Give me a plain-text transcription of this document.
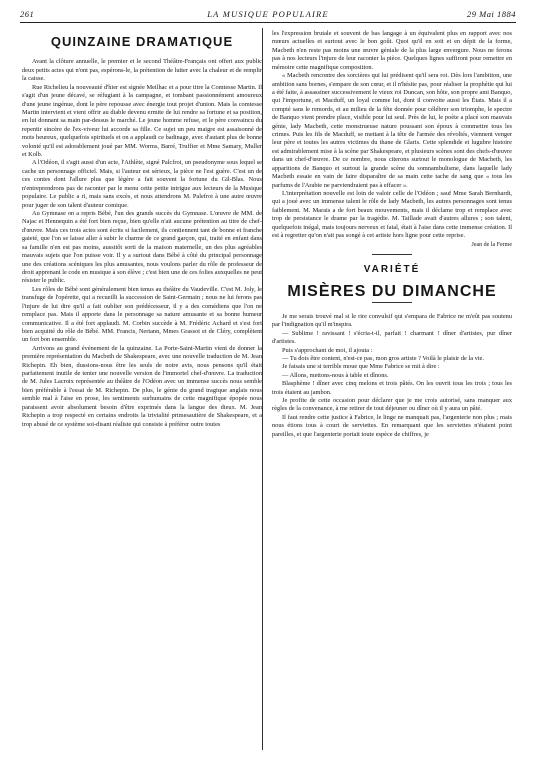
261	LA MUSIQUE POPULAIRE	29 Mai 1884
QUINZAINE DRAMATIQUE

Avant la clôture annuelle, le premier et le second Théâtre-Français ont offert aux public deux petits actes qui n'ont pas, espérons-le, la prétention de lutter avec la chaleur et de remplir la caisse.

Rue Richelieu la nouveauté d'hier est signée Meilhac et a pour titre la Comtesse Martin. Il s'agit d'un jeune décavé, se réfugiant à la campagne, et tombant passionnément amoureux d'une jeune ingénue, dont le père repousse avec énergie tout projet d'union. Mais la comtesse Martin intervient et vient offrir au diable devenu ermite de lui rendre sa fortune et sa position, en lui donnant sa main par-dessus le marché. Le jeune homme refuse, et le père convaincu du repentir sincère de l'ex-viveur lui accorde sa fille. Ce sujet un peu maigre est assaisonné de mots heureux, quelquefois spirituels et on a applaudi ce badinage, avec d'autant plus de bonne volonté qu'il est adorablement joué par MM. Worms, Barré, Truffier et Mme Samary, Muller et Kolb.

A l'Odéon, il s'agit aussi d'un acte, l'Athlète, signé Palcfroi, un pseudonyme sous lequel se cache un personnage officiel. Mais, si l'auteur est sérieux, la pièce ne l'est guère. C'est un de ces contes dont l'allure plus que légère a fait souvent la fortune du Gil-Blas. Nous n'entreprendrons pas de raconter par le menu cette petite intrigue aux lecteurs de la Musique populaire. Le public a ri, mais sans excès, et nous attendrons M. Palefroi à une autre œuvre pour juger de son talent d'auteur comique.

Au Gymnase on a repris Bébé, l'un des grands succès du Gymnase. L'œuvre de MM. de Najac et Hennequin a été fort bien reçue, bien qu'elle n'ait aucune prétention au titre de chef-d'œuvre. Mais ces trois actes sont écrits si facilement, ils contiennent tant de bonne et franche gaieté, que l'on se laisse aller à subir le charme de ce grand garçon, qui, traité en enfant dans sa famille n'en est pas moins, aussitôt sorti de la maison maternelle, un des plus agréables mauvais sujets que l'on puisse voir. Il y a surtout dans Bébé à côté du principal personnage une des créations scéniques les plus amusantes, nous voulons parler du rôle de professeur de droit apprenant le code en musique à son élève ; c'est bien une de ces folies auxquelles ne peut résister le public.

Les rôles de Bébé sont généralement bien tenus au théâtre du Vaudeville. C'est M. Joly, le transfuge de l'opérette, qui a recueilli la succession de Saint-Germain ; nous ne lui ferons pas l'injure de lui dire qu'il a fait oublier son prédécesseur, il y a des comédiens que l'on ne remplace pas. Mais il apporte dans le personnage sa nature amusante et sa bonne humeur communicative. Il a été fort applaudi. M. Corbin succède à M. Frédéric Achard et s'est fort bien acquitté du rôle de Bébé. MM. Francis, Nertann, Mmes Grassot et de Cléry, complètent un fort bon ensemble.

Arrivons au grand événement de la quinzaine. La Porte-Saint-Martin vient de donner la première représentation du Macbeth de Shakespeare, avec une nouvelle traduction de M. Jean Richepin. Eh bien, dussions-nous être les seuls de notre avis, nous pensons qu'il était parfaitement inutile de tenter une nouvelle version de l'immortel chef-d'œuvre. La traduction de M. Jules Lacroix représentée au théâtre de l'Odéon avec un immense succès nous semble bien préférable à l'essai de M. Richepin. De plus, le génie du grand tragique anglais nous semble mal à l'aise en prose, les sentiments surhumains de cette magnifique épopée nous paraissent avoir absolument besoin d'être exprimés dans la langue des dieux. M. Jean Richepin a trop respecté en certains endroits la trivialité primesautière de Shakespeare, et a trop abusé de ce système soi-disant réaliste qui consiste à préférer outre toutes

les l'expression brutale et souvent de bas langage à un équivalent plus en rapport avec nos mœurs actuelles et surtout avec le bon goût. Quoi qu'il en soit et en dépit de la forme, Macbeth n'en reste pas moins une œuvre géniale de la plus large envergure. Nous ne ferons pas à nos lecteurs l'injure de leur raconter la pièce. Quelques lignes suffiront pour remettre en mémoire cette magnifique composition.

« Macbeth rencontre des sorcières qui lui prédisent qu'il sera roi. Dès lors l'ambition, une ambition sans bornes, s'empare de son cœur, et il n'hésite pas, pour réaliser la prophétie qui lui a été faite, à assassiner successivement le vieux roi Duncan, son hôte, son propre ami Banquo, qui l'importune, et Macduff, un loyal comme lui, dont il convoite aussi les États. Mais il a compté sans le remords, et au milieu de la fête donnée pour célébrer son triomphe, le spectre de Banquo vient prendre place, visible pour lui seul. Près de lui, le poète a placé son mauvais génie, lady Macbeth, cette monstrueuse nature poussant son époux à commettre tous les crimes. Puis les fils de Macduff, se mettant à la tête de l'armée des révoltés, viennent venger leur père et toutes les autres victimes du thane de Glaris. Cette splendide et lugubre histoire est admirablement mise à la scène par Shakespeare, et plusieurs scènes sont des chefs-d'œuvre dans un chef-d'œuvre. De ce nombre, nous citerons surtout le monologue de Macbeth, les apparitions de Banquo et surtout la grande scène du somnambulisme, dans laquelle lady Macbeth essaie en vain de faire disparaître de sa main cette tache de sang que « tous les parfums de l'Arabie ne parviendraient pas à effacer ».

L'interprétation nouvelle est loin de valoir celle de l'Odéon ; sauf Mme Sarah Bernhardt, qui a joué avec un immense talent le rôle de lady Macbeth, les autres personnages sont tenus faiblement. M. Marais a de fort beaux mouvements, mais il déclame trop et remplace avec trop de persistance le drame par la tragédie. M. Taillade avait d'autres allures ; son talent, quelquefois inégal, mais toujours nerveux et fatal, était à l'aise dans cette immense création. Il est à regretter qu'on n'ait pas songé à cet artiste hors ligne pour cette reprise.

Jean de la Ferme
VARIÉTÉ
MISÈRES DU DIMANCHE

Je me serais trouvé mal si le rire convulsif qui s'empara de Fabrice ne m'eût pas soutenu par l'indignation qu'il m'inspira.

— Sublime ! ravissant ! s'écria-t-il, parfait ! charmant ! dîner d'artistes, pur dîner d'artistes.

Puis s'approchant de moi, il ajouta :

— Tu dois être content, n'est-ce pas, mon gros artiste ? Voilà le plaisir de la vie.

Je faisais une si terrible moue que Mme Fabrice se mit à dire :

— Allons, mettons-nous à table et dînons.

Blasphème ! dîner avec cinq melons et trois pâtés. On les ouvrit tous les trois ; tous les trois étaient au jambon.

Je profite de cette occasion pour déclarer que je me crois autorisé, sans manquer aux règles de la convenance, à me retirer de tout déjeuner ou dîner où il y aura un pâté.

Il faut rendre cette justice à Fabrice, le linge ne manquait pas, l'argenterie non plus ; mais nous étions tous à court de serviettes. En remarquant que les serviettes n'étaient point pareilles, et que l'argenterie portait toute espèce de chiffres, je
